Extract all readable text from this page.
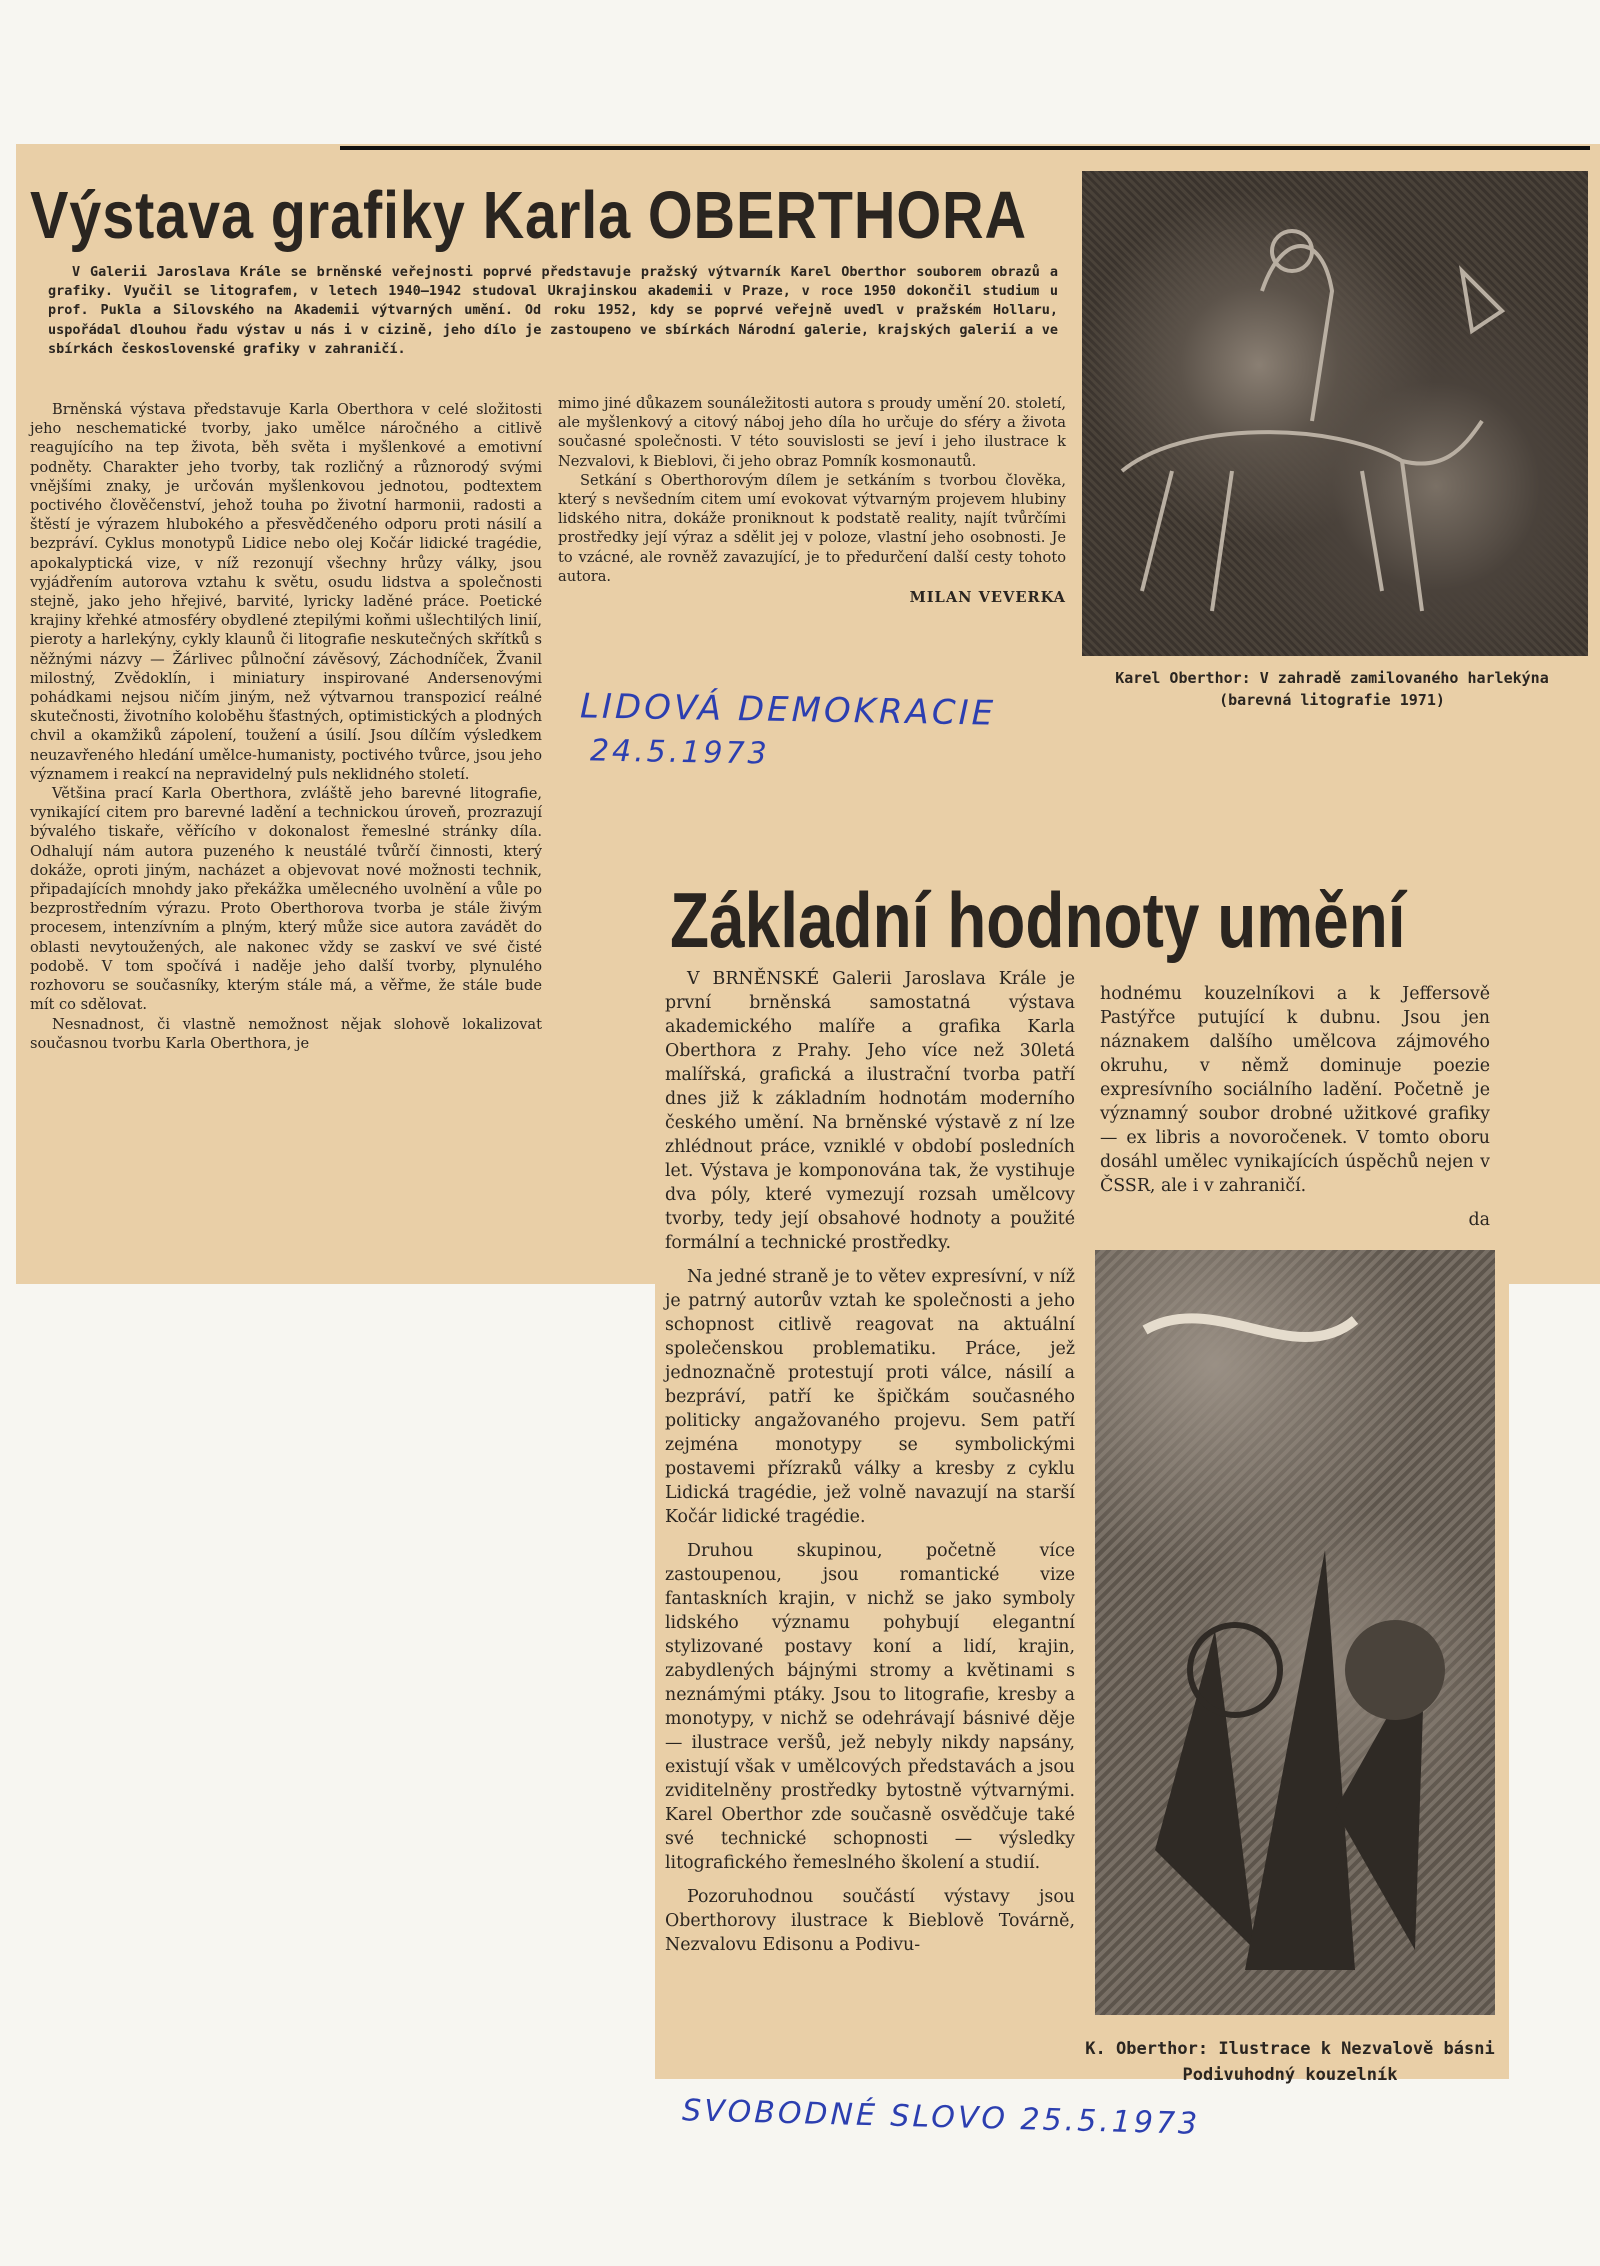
Výstava grafiky Karla OBERTHORA

V Galerii Jaroslava Krále se brněnské veřejnosti poprvé představuje pražský výtvarník Karel Oberthor souborem obrazů a grafiky. Vyučil se litografem, v letech 1940—1942 studoval Ukrajinskou akademii v Praze, v roce 1950 dokončil studium u prof. Pukla a Silovského na Akademii výtvarných umění. Od roku 1952, kdy se poprvé veřejně uvedl v pražském Hollaru, uspořádal dlouhou řadu výstav u nás i v cizině, jeho dílo je zastoupeno ve sbírkách Národní galerie, krajských galerií a ve sbírkách československé grafiky v zahraničí.

Brněnská výstava představuje Karla Oberthora v celé složitosti jeho neschematické tvorby, jako umělce náročného a citlivě reagujícího na tep života, běh světa i myšlenkové a emotivní podněty. Charakter jeho tvorby, tak rozličný a různorodý svými vnějšími znaky, je určován myšlenkovou jednotou, podtextem poctivého člověčenství, jehož touha po životní harmonii, radosti a štěstí je výrazem hlubokého a přesvědčeného odporu proti násilí a bezpráví. Cyklus monotypů Lidice nebo olej Kočár lidické tragédie, apokalyptická vize, v níž rezonují všechny hrůzy války, jsou vyjádřením autorova vztahu k světu, osudu lidstva a společnosti stejně, jako jeho hřejivé, barvité, lyricky laděné práce. Poetické krajiny křehké atmosféry obydlené ztepilými koňmi ušlechtilých linií, pieroty a harlekýny, cykly klaunů či litografie neskutečných skřítků s něžnými názvy — Žárlivec půlnoční závěsový, Záchodníček, Žvanil milostný, Zvědoklín, i miniatury inspirované Andersenovými pohádkami nejsou ničím jiným, než výtvarnou transpozicí reálné skutečnosti, životního koloběhu šťastných, optimistických a plodných chvil a okamžiků zápolení, toužení a úsilí. Jsou dílčím výsledkem neuzavřeného hledání umělce-humanisty, poctivého tvůrce, jsou jeho významem i reakcí na nepravidelný puls neklidného století.

Většina prací Karla Oberthora, zvláště jeho barevné litografie, vynikající citem pro barevné ladění a technickou úroveň, prozrazují bývalého tiskaře, věřícího v dokonalost řemeslné stránky díla. Odhalují nám autora puzeného k neustálé tvůrčí činnosti, který dokáže, oproti jiným, nacházet a objevovat nové možnosti technik, připadajících mnohdy jako překážka umělecného uvolnění a vůle po bezprostředním výrazu. Proto Oberthorova tvorba je stále živým procesem, intenzívním a plným, který může sice autora zavádět do oblasti nevytoužených, ale nakonec vždy se zaskví ve své čisté podobě. V tom spočívá i naděje jeho další tvorby, plynulého rozhovoru se současníky, kterým stále má, a věřme, že stále bude mít co sdělovat.

Nesnadnost, či vlastně nemožnost nějak slohově lokalizovat současnou tvorbu Karla Oberthora, je

mimo jiné důkazem sounáležitosti autora s proudy umění 20. století, ale myšlenkový a citový náboj jeho díla ho určuje do sféry a života současné společnosti. V této souvislosti se jeví i jeho ilustrace k Nezvalovi, k Bieblovi, či jeho obraz Pomník kosmonautů.

Setkání s Oberthorovým dílem je setkáním s tvorbou člověka, který s nevšedním citem umí evokovat výtvarným projevem hlubiny lidského nitra, dokáže proniknout k podstatě reality, najít tvůrčími prostředky její výraz a sdělit jej v poloze, vlastní jeho osobnosti. Je to vzácné, ale rovněž zavazující, je to předurčení další cesty tohoto autora.

MILAN VEVERKA
Karel Oberthor: V zahradě zamilovaného harlekýna (barevná litografie 1971)
LIDOVÁ DEMOKRACIE
24.5.1973
Základní hodnoty umění

V BRNĚNSKÉ Galerii Jaroslava Krále je první brněnská samostatná výstava akademického malíře a grafika Karla Oberthora z Prahy. Jeho více než 30letá malířská, grafická a ilustrační tvorba patří dnes již k základním hodnotám moderního českého umění. Na brněnské výstavě z ní lze zhlédnout práce, vzniklé v období posledních let. Výstava je komponována tak, že vystihuje dva póly, které vymezují rozsah umělcovy tvorby, tedy její obsahové hodnoty a použité formální a technické prostředky.

Na jedné straně je to větev expresívní, v níž je patrný autorův vztah ke společnosti a jeho schopnost citlivě reagovat na aktuální společenskou problematiku. Práce, jež jednoznačně protestují proti válce, násilí a bezpráví, patří ke špičkám současného politicky angažovaného projevu. Sem patří zejména monotypy se symbolickými postavemi přízraků války a kresby z cyklu Lidická tragédie, jež volně navazují na starší Kočár lidické tragédie.

Druhou skupinou, početně více zastoupenou, jsou romantické vize fantaskních krajin, v nichž se jako symboly lidského významu pohybují elegantní stylizované postavy koní a lidí, krajin, zabydlených bájnými stromy a květinami s neznámými ptáky. Jsou to litografie, kresby a monotypy, v nichž se odehrávají básnivé děje — ilustrace veršů, jež nebyly nikdy napsány, existují však v umělcových představách a jsou zviditelněny prostředky bytostně výtvarnými. Karel Oberthor zde současně osvědčuje také své technické schopnosti — výsledky litografického řemeslného školení a studií.

Pozoruhodnou součástí výstavy jsou Oberthorovy ilustrace k Bieblově Továrně, Nezvalovu Edisonu a Podivu-

hodnému kouzelníkovi a k Jeffersově Pastýřce putující k dubnu. Jsou jen náznakem dalšího umělcova zájmového okruhu, v němž dominuje poezie expresívního sociálního ladění. Početně je významný soubor drobné užitkové grafiky — ex libris a novoročenek. V tomto oboru dosáhl umělec vynikajících úspěchů nejen v ČSSR, ale i v zahraničí.

da

K. Oberthor: Ilustrace k Nezvalově básni Podivuhodný kouzelník
SVOBODNÉ SLOVO 25.5.1973
